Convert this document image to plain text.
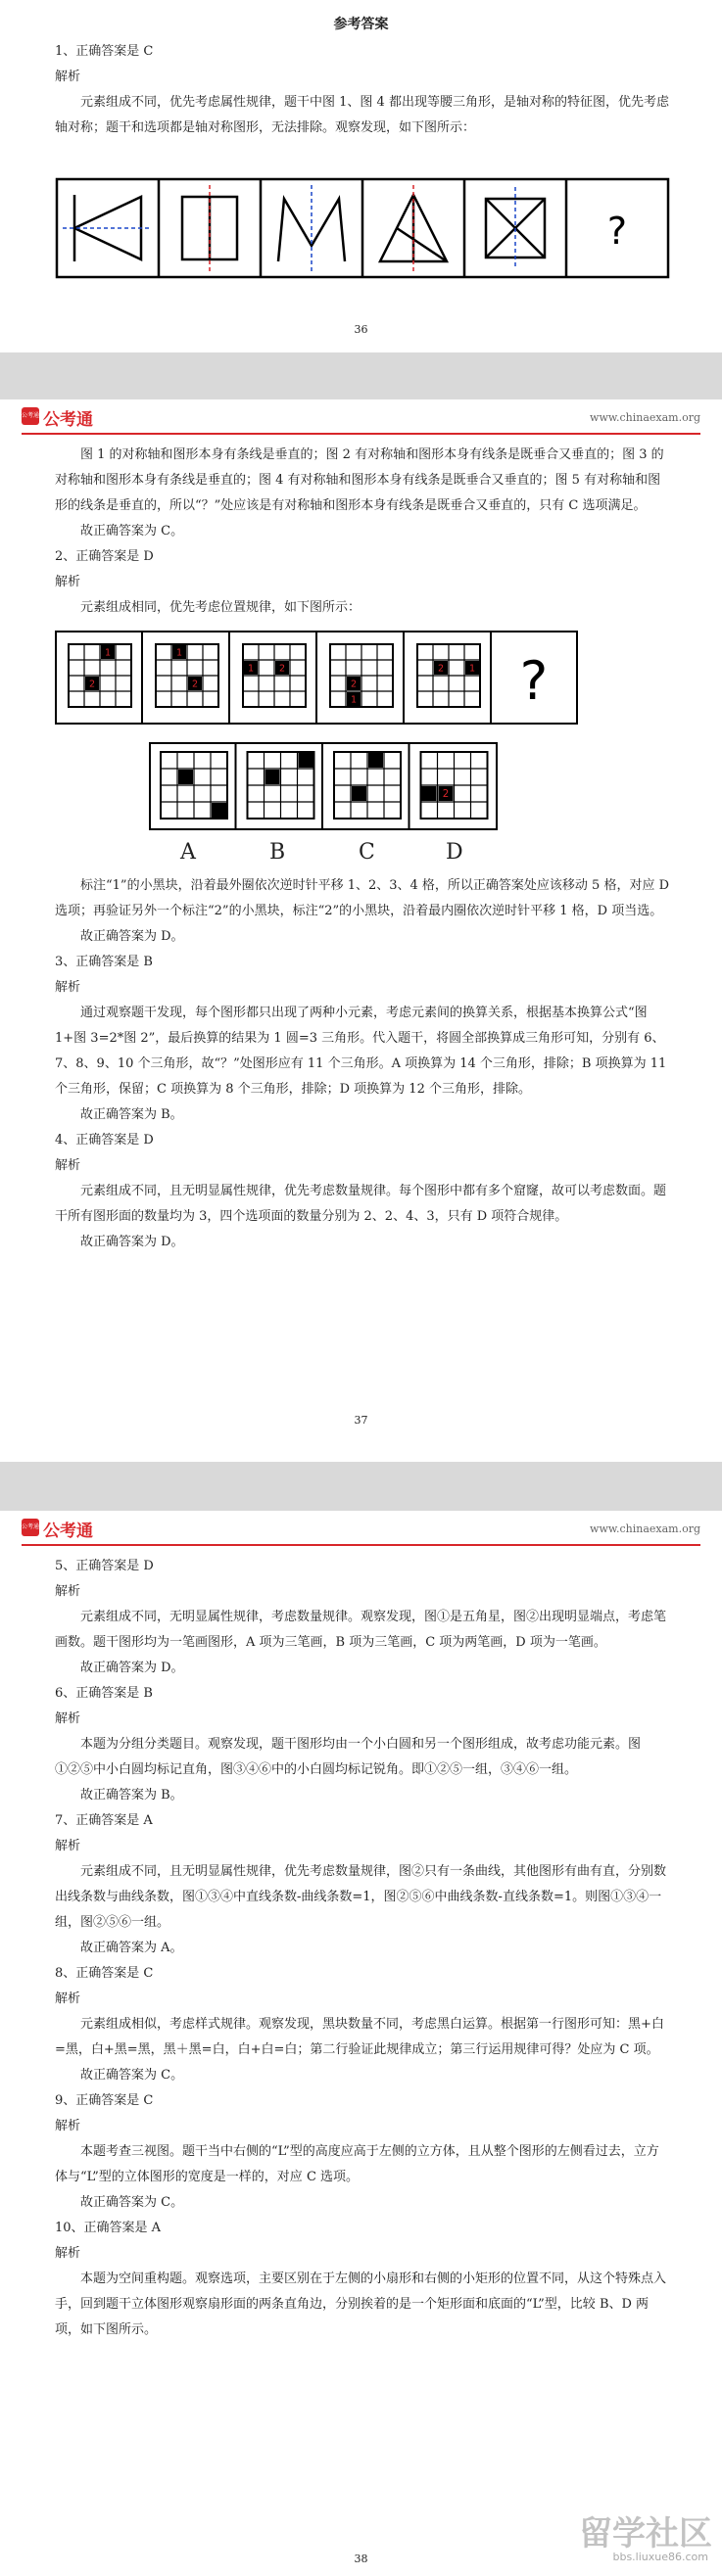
参考答案

1、正确答案是 C

解析

元素组成不同，优先考虑属性规律，题干中图 1、图 4 都出现等腰三角形，是轴对称的特征图，优先考虑轴对称；题干和选项都是轴对称图形，无法排除。观察发现，如下图所示：

?
36
公考通 公考通	www.chinaexam.org

图 1 的对称轴和图形本身有条线是垂直的；图 2 有对称轴和图形本身有线条是既垂合又垂直的；图 3 的对称轴和图形本身有条线是垂直的；图 4 有对称轴和图形本身有线条是既垂合又垂直的；图 5 有对称轴和图形的线条是垂直的，所以“？”处应该是有对称轴和图形本身有线条是既垂合又垂直的，只有 C 选项满足。

故正确答案为 C。

2、正确答案是 D

解析

元素组成相同，优先考虑位置规律，如下图所示：

1
2
1
2
1	2
1
2
1
2 ?
2
A	B	C	D

标注“1”的小黑块，沿着最外圈依次逆时针平移 1、2、3、4 格，所以正确答案处应该移动 5 格，对应 D 选项；再验证另外一个标注“2”的小黑块，标注“2”的小黑块，沿着最内圈依次逆时针平移 1 格，D 项当选。

故正确答案为 D。

3、正确答案是 B

解析

通过观察题干发现，每个图形都只出现了两种小元素，考虑元素间的换算关系，根据基本换算公式“图 1+图 3=2*图 2”，最后换算的结果为 1 圆=3 三角形。代入题干，将圆全部换算成三角形可知，分别有 6、7、8、9、10 个三角形，故“？”处图形应有 11 个三角形。A 项换算为 14 个三角形，排除；B 项换算为 11 个三角形，保留；C 项换算为 8 个三角形，排除；D 项换算为 12 个三角形，排除。

故正确答案为 B。

4、正确答案是 D

解析

元素组成不同，且无明显属性规律，优先考虑数量规律。每个图形中都有多个窟窿，故可以考虑数面。题干所有图形面的数量均为 3，四个选项面的数量分别为 2、2、4、3，只有 D 项符合规律。

故正确答案为 D。

37
公考通 公考通	www.chinaexam.org

5、正确答案是 D

解析

元素组成不同，无明显属性规律，考虑数量规律。观察发现，图①是五角星，图②出现明显端点，考虑笔画数。题干图形均为一笔画图形，A 项为三笔画，B 项为三笔画，C 项为两笔画，D 项为一笔画。

故正确答案为 D。

6、正确答案是 B

解析

本题为分组分类题目。观察发现，题干图形均由一个小白圆和另一个图形组成，故考虑功能元素。图①②⑤中小白圆均标记直角，图③④⑥中的小白圆均标记锐角。即①②⑤一组，③④⑥一组。

故正确答案为 B。

7、正确答案是 A

解析

元素组成不同，且无明显属性规律，优先考虑数量规律，图②只有一条曲线，其他图形有曲有直，分别数出线条数与曲线条数，图①③④中直线条数-曲线条数=1，图②⑤⑥中曲线条数-直线条数=1。则图①③④一组，图②⑤⑥一组。

故正确答案为 A。

8、正确答案是 C

解析

元素组成相似，考虑样式规律。观察发现，黑块数量不同，考虑黑白运算。根据第一行图形可知：黑+白=黑，白+黑=黑，黑＋黑=白，白+白=白；第二行验证此规律成立；第三行运用规律可得？处应为 C 项。

故正确答案为 C。

9、正确答案是 C

解析

本题考查三视图。题干当中右侧的“L”型的高度应高于左侧的立方体，且从整个图形的左侧看过去，立方体与“L”型的立体图形的宽度是一样的，对应 C 选项。

故正确答案为 C。

10、正确答案是 A

解析

本题为空间重构题。观察选项，主要区别在于左侧的小扇形和右侧的小矩形的位置不同，从这个特殊点入手，回到题干立体图形观察扇形面的两条直角边，分别挨着的是一个矩形面和底面的“L”型，比较 B、D 两项，如下图所示。

38
留学社区
bbs.liuxue86.com
